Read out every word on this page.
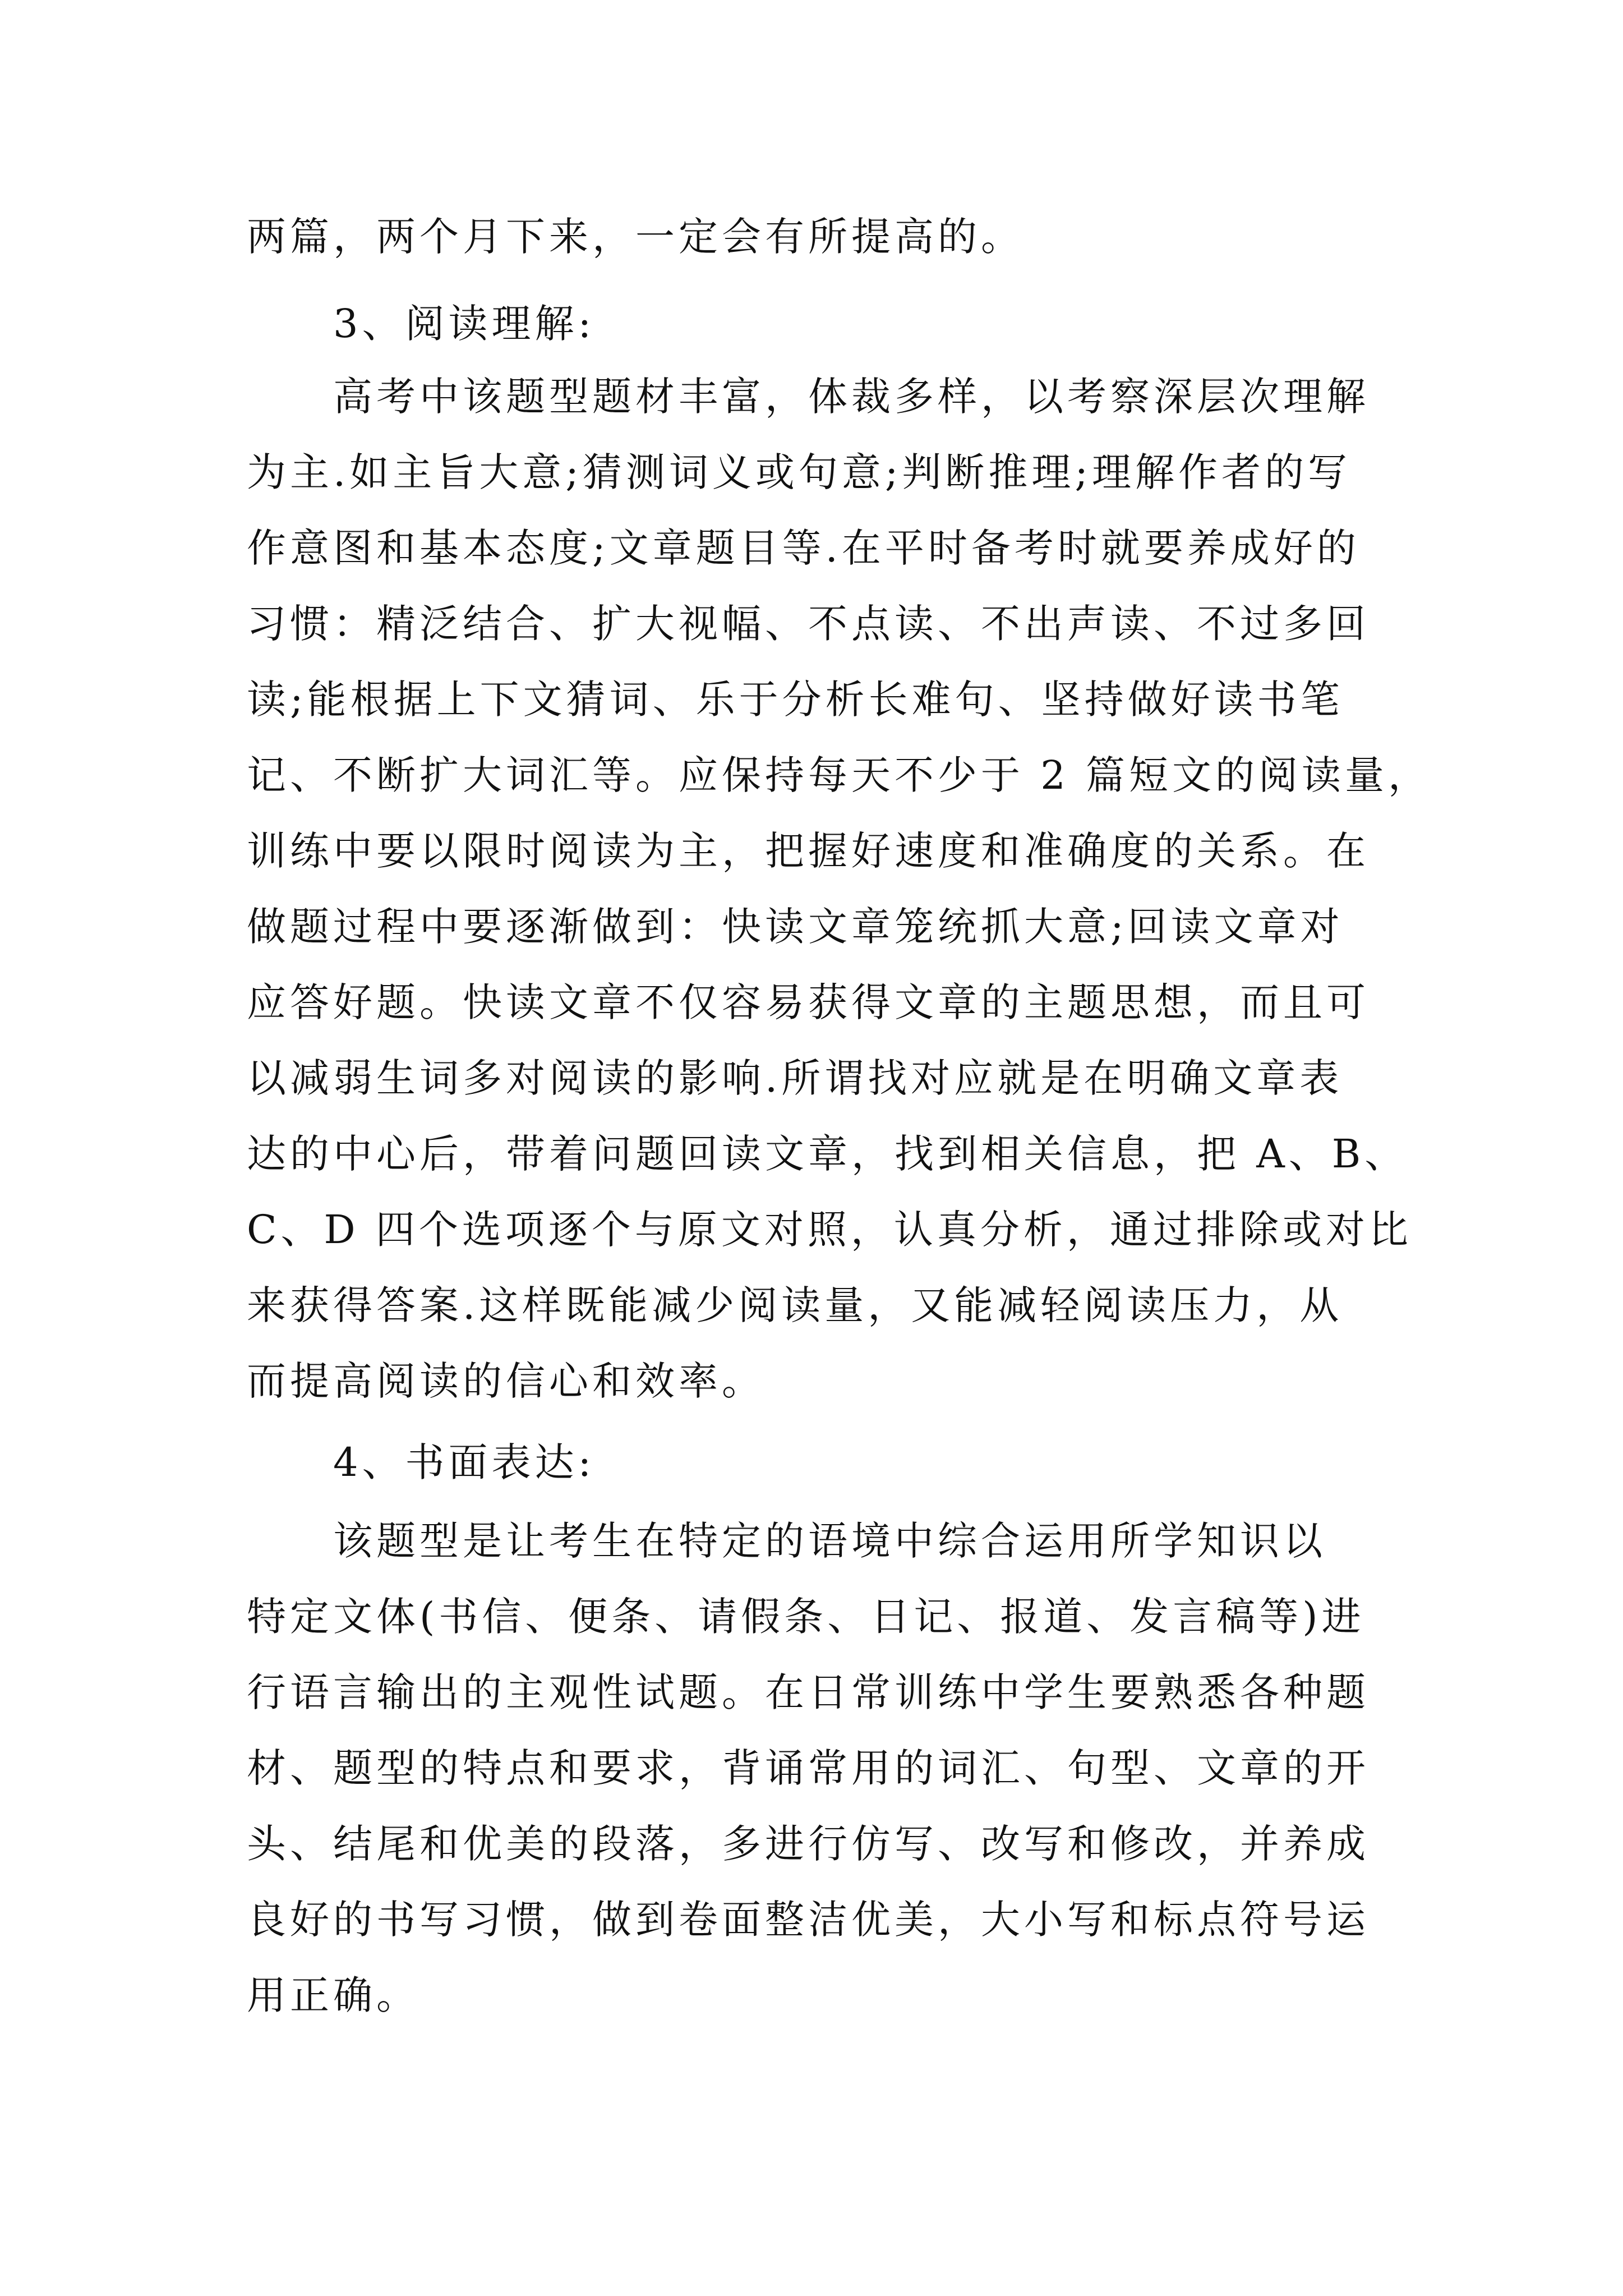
两篇，两个月下来，一定会有所提高的。

3、阅读理解:

高考中该题型题材丰富，体裁多样，以考察深层次理解

为主.如主旨大意;猜测词义或句意;判断推理;理解作者的写

作意图和基本态度;文章题目等.在平时备考时就要养成好的

习惯：精泛结合、扩大视幅、不点读、不出声读、不过多回

读;能根据上下文猜词、乐于分析长难句、坚持做好读书笔

记、不断扩大词汇等。应保持每天不少于 2 篇短文的阅读量，

训练中要以限时阅读为主，把握好速度和准确度的关系。在

做题过程中要逐渐做到：快读文章笼统抓大意;回读文章对

应答好题。快读文章不仅容易获得文章的主题思想，而且可

以减弱生词多对阅读的影响.所谓找对应就是在明确文章表

达的中心后，带着问题回读文章，找到相关信息，把 A、B、

C、D 四个选项逐个与原文对照，认真分析，通过排除或对比

来获得答案.这样既能减少阅读量，又能减轻阅读压力，从

而提高阅读的信心和效率。

4、书面表达:

该题型是让考生在特定的语境中综合运用所学知识以

特定文体(书信、便条、请假条、日记、报道、发言稿等)进

行语言输出的主观性试题。在日常训练中学生要熟悉各种题

材、题型的特点和要求，背诵常用的词汇、句型、文章的开

头、结尾和优美的段落，多进行仿写、改写和修改，并养成

良好的书写习惯，做到卷面整洁优美，大小写和标点符号运

用正确。
